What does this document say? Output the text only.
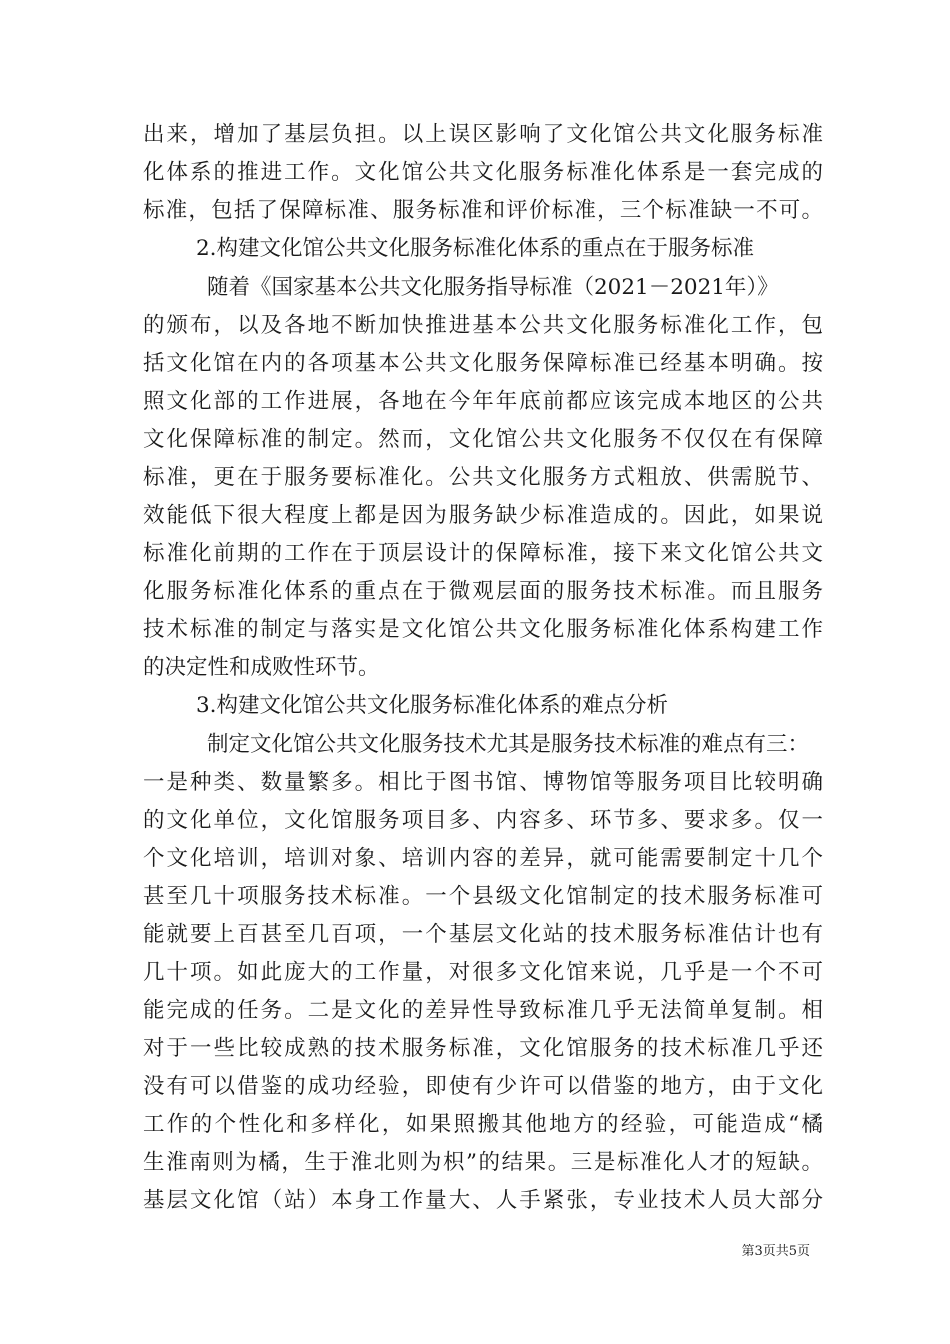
出来，增加了基层负担。以上误区影响了文化馆公共文化服务标准
化体系的推进工作。文化馆公共文化服务标准化体系是一套完成的
标准，包括了保障标准、服务标准和评价标准，三个标准缺一不可。
2.构建文化馆公共文化服务标准化体系的重点在于服务标准
随着《国家基本公共文化服务指导标准（2021－2021年）》
的颁布，以及各地不断加快推进基本公共文化服务标准化工作，包
括文化馆在内的各项基本公共文化服务保障标准已经基本明确。按
照文化部的工作进展，各地在今年年底前都应该完成本地区的公共
文化保障标准的制定。然而，文化馆公共文化服务不仅仅在有保障
标准，更在于服务要标准化。公共文化服务方式粗放、供需脱节、
效能低下很大程度上都是因为服务缺少标准造成的。因此，如果说
标准化前期的工作在于顶层设计的保障标准，接下来文化馆公共文
化服务标准化体系的重点在于微观层面的服务技术标准。而且服务
技术标准的制定与落实是文化馆公共文化服务标准化体系构建工作
的决定性和成败性环节。
3.构建文化馆公共文化服务标准化体系的难点分析
制定文化馆公共文化服务技术尤其是服务技术标准的难点有三：
一是种类、数量繁多。相比于图书馆、博物馆等服务项目比较明确
的文化单位，文化馆服务项目多、内容多、环节多、要求多。仅一
个文化培训，培训对象、培训内容的差异，就可能需要制定十几个
甚至几十项服务技术标准。一个县级文化馆制定的技术服务标准可
能就要上百甚至几百项，一个基层文化站的技术服务标准估计也有
几十项。如此庞大的工作量，对很多文化馆来说，几乎是一个不可
能完成的任务。二是文化的差异性导致标准几乎无法简单复制。相
对于一些比较成熟的技术服务标准，文化馆服务的技术标准几乎还
没有可以借鉴的成功经验，即使有少许可以借鉴的地方，由于文化
工作的个性化和多样化，如果照搬其他地方的经验，可能造成“橘
生淮南则为橘，生于淮北则为枳”的结果。三是标准化人才的短缺。
基层文化馆（站）本身工作量大、人手紧张，专业技术人员大部分
第3页共5页
